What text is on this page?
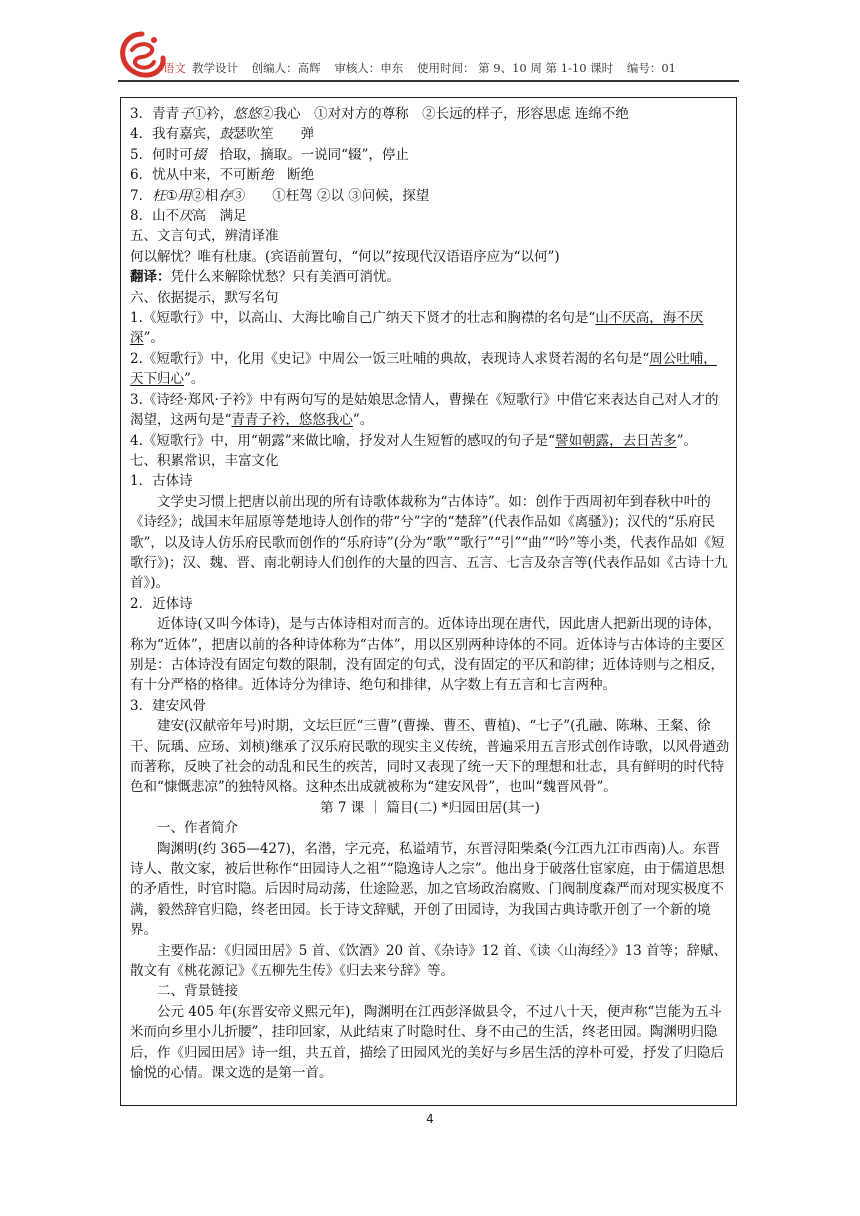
语文 教学设计 创编人：高辉 审核人：申东 使用时间： 第 9、10 周 第 1-10 课时 编号：01

3．青青子①衿，悠悠②我心　①对对方的尊称　②长远的样子，形容思虑 连绵不绝

4．我有嘉宾，鼓瑟吹笙　　弹

5．何时可掇　拾取，摘取。一说同“辍”，停止

6．忧从中来，不可断绝　断绝

7．枉①用②相存③　　①枉驾 ②以 ③问候，探望

8．山不厌高　满足

五、文言句式，辨清译准

何以解忧？唯有杜康。(宾语前置句，“何以”按现代汉语语序应为“以何”)

翻译：凭什么来解除忧愁？只有美酒可消忧。

六、依据提示，默写名句

1.《短歌行》中，以高山、大海比喻自己广纳天下贤才的壮志和胸襟的名句是“山不厌高，海不厌深”。

2.《短歌行》中，化用《史记》中周公一饭三吐哺的典故，表现诗人求贤若渴的名句是“周公吐哺，天下归心”。

3.《诗经·郑风·子衿》中有两句写的是姑娘思念情人，曹操在《短歌行》中借它来表达自己对人才的渴望，这两句是“青青子衿，悠悠我心”。

4.《短歌行》中，用“朝露”来做比喻，抒发对人生短暂的感叹的句子是“譬如朝露，去日苦多”。

七、积累常识，丰富文化

1．古体诗

文学史习惯上把唐以前出现的所有诗歌体裁称为“古体诗”。如：创作于西周初年到春秋中叶的《诗经》；战国末年屈原等楚地诗人创作的带“兮”字的“楚辞”(代表作品如《离骚》)；汉代的“乐府民歌”，以及诗人仿乐府民歌而创作的“乐府诗”(分为“歌”“歌行”“引”“曲”“吟”等小类，代表作品如《短歌行》)；汉、魏、晋、南北朝诗人们创作的大量的四言、五言、七言及杂言等(代表作品如《古诗十九首》)。

2．近体诗

近体诗(又叫今体诗)，是与古体诗相对而言的。近体诗出现在唐代，因此唐人把新出现的诗体，称为“近体”，把唐以前的各种诗体称为“古体”，用以区别两种诗体的不同。近体诗与古体诗的主要区别是：古体诗没有固定句数的限制，没有固定的句式，没有固定的平仄和韵律；近体诗则与之相反，有十分严格的格律。近体诗分为律诗、绝句和排律，从字数上有五言和七言两种。

3．建安风骨

建安(汉献帝年号)时期，文坛巨匠“三曹”(曹操、曹丕、曹植)、“七子”(孔融、陈琳、王粲、徐干、阮瑀、应玚、刘桢)继承了汉乐府民歌的现实主义传统，普遍采用五言形式创作诗歌，以风骨遒劲而著称，反映了社会的动乱和民生的疾苦，同时又表现了统一天下的理想和壮志，具有鲜明的时代特色和“慷慨悲凉”的独特风格。这种杰出成就被称为“建安风骨”，也叫“魏晋风骨”。

第 7 课 ｜ 篇目(二) *归园田居(其一)

一、作者简介

陶渊明(约 365—427)，名潜，字元亮，私谥靖节，东晋浔阳柴桑(今江西九江市西南)人。东晋诗人、散文家，被后世称作“田园诗人之祖”“隐逸诗人之宗”。他出身于破落仕宦家庭，由于儒道思想的矛盾性，时官时隐。后因时局动荡，仕途险恶，加之官场政治腐败、门阀制度森严而对现实极度不满，毅然辞官归隐，终老田园。长于诗文辞赋，开创了田园诗，为我国古典诗歌开创了一个新的境界。

主要作品：《归园田居》5 首、《饮酒》20 首、《杂诗》12 首、《读〈山海经〉》13 首等；辞赋、散文有《桃花源记》《五柳先生传》《归去来兮辞》等。

二、背景链接

公元 405 年(东晋安帝义熙元年)，陶渊明在江西彭泽做县令，不过八十天，便声称“岂能为五斗米而向乡里小儿折腰”，挂印回家，从此结束了时隐时仕、身不由己的生活，终老田园。陶渊明归隐后，作《归园田居》诗一组，共五首，描绘了田园风光的美好与乡居生活的淳朴可爱，抒发了归隐后愉悦的心情。课文选的是第一首。

4
